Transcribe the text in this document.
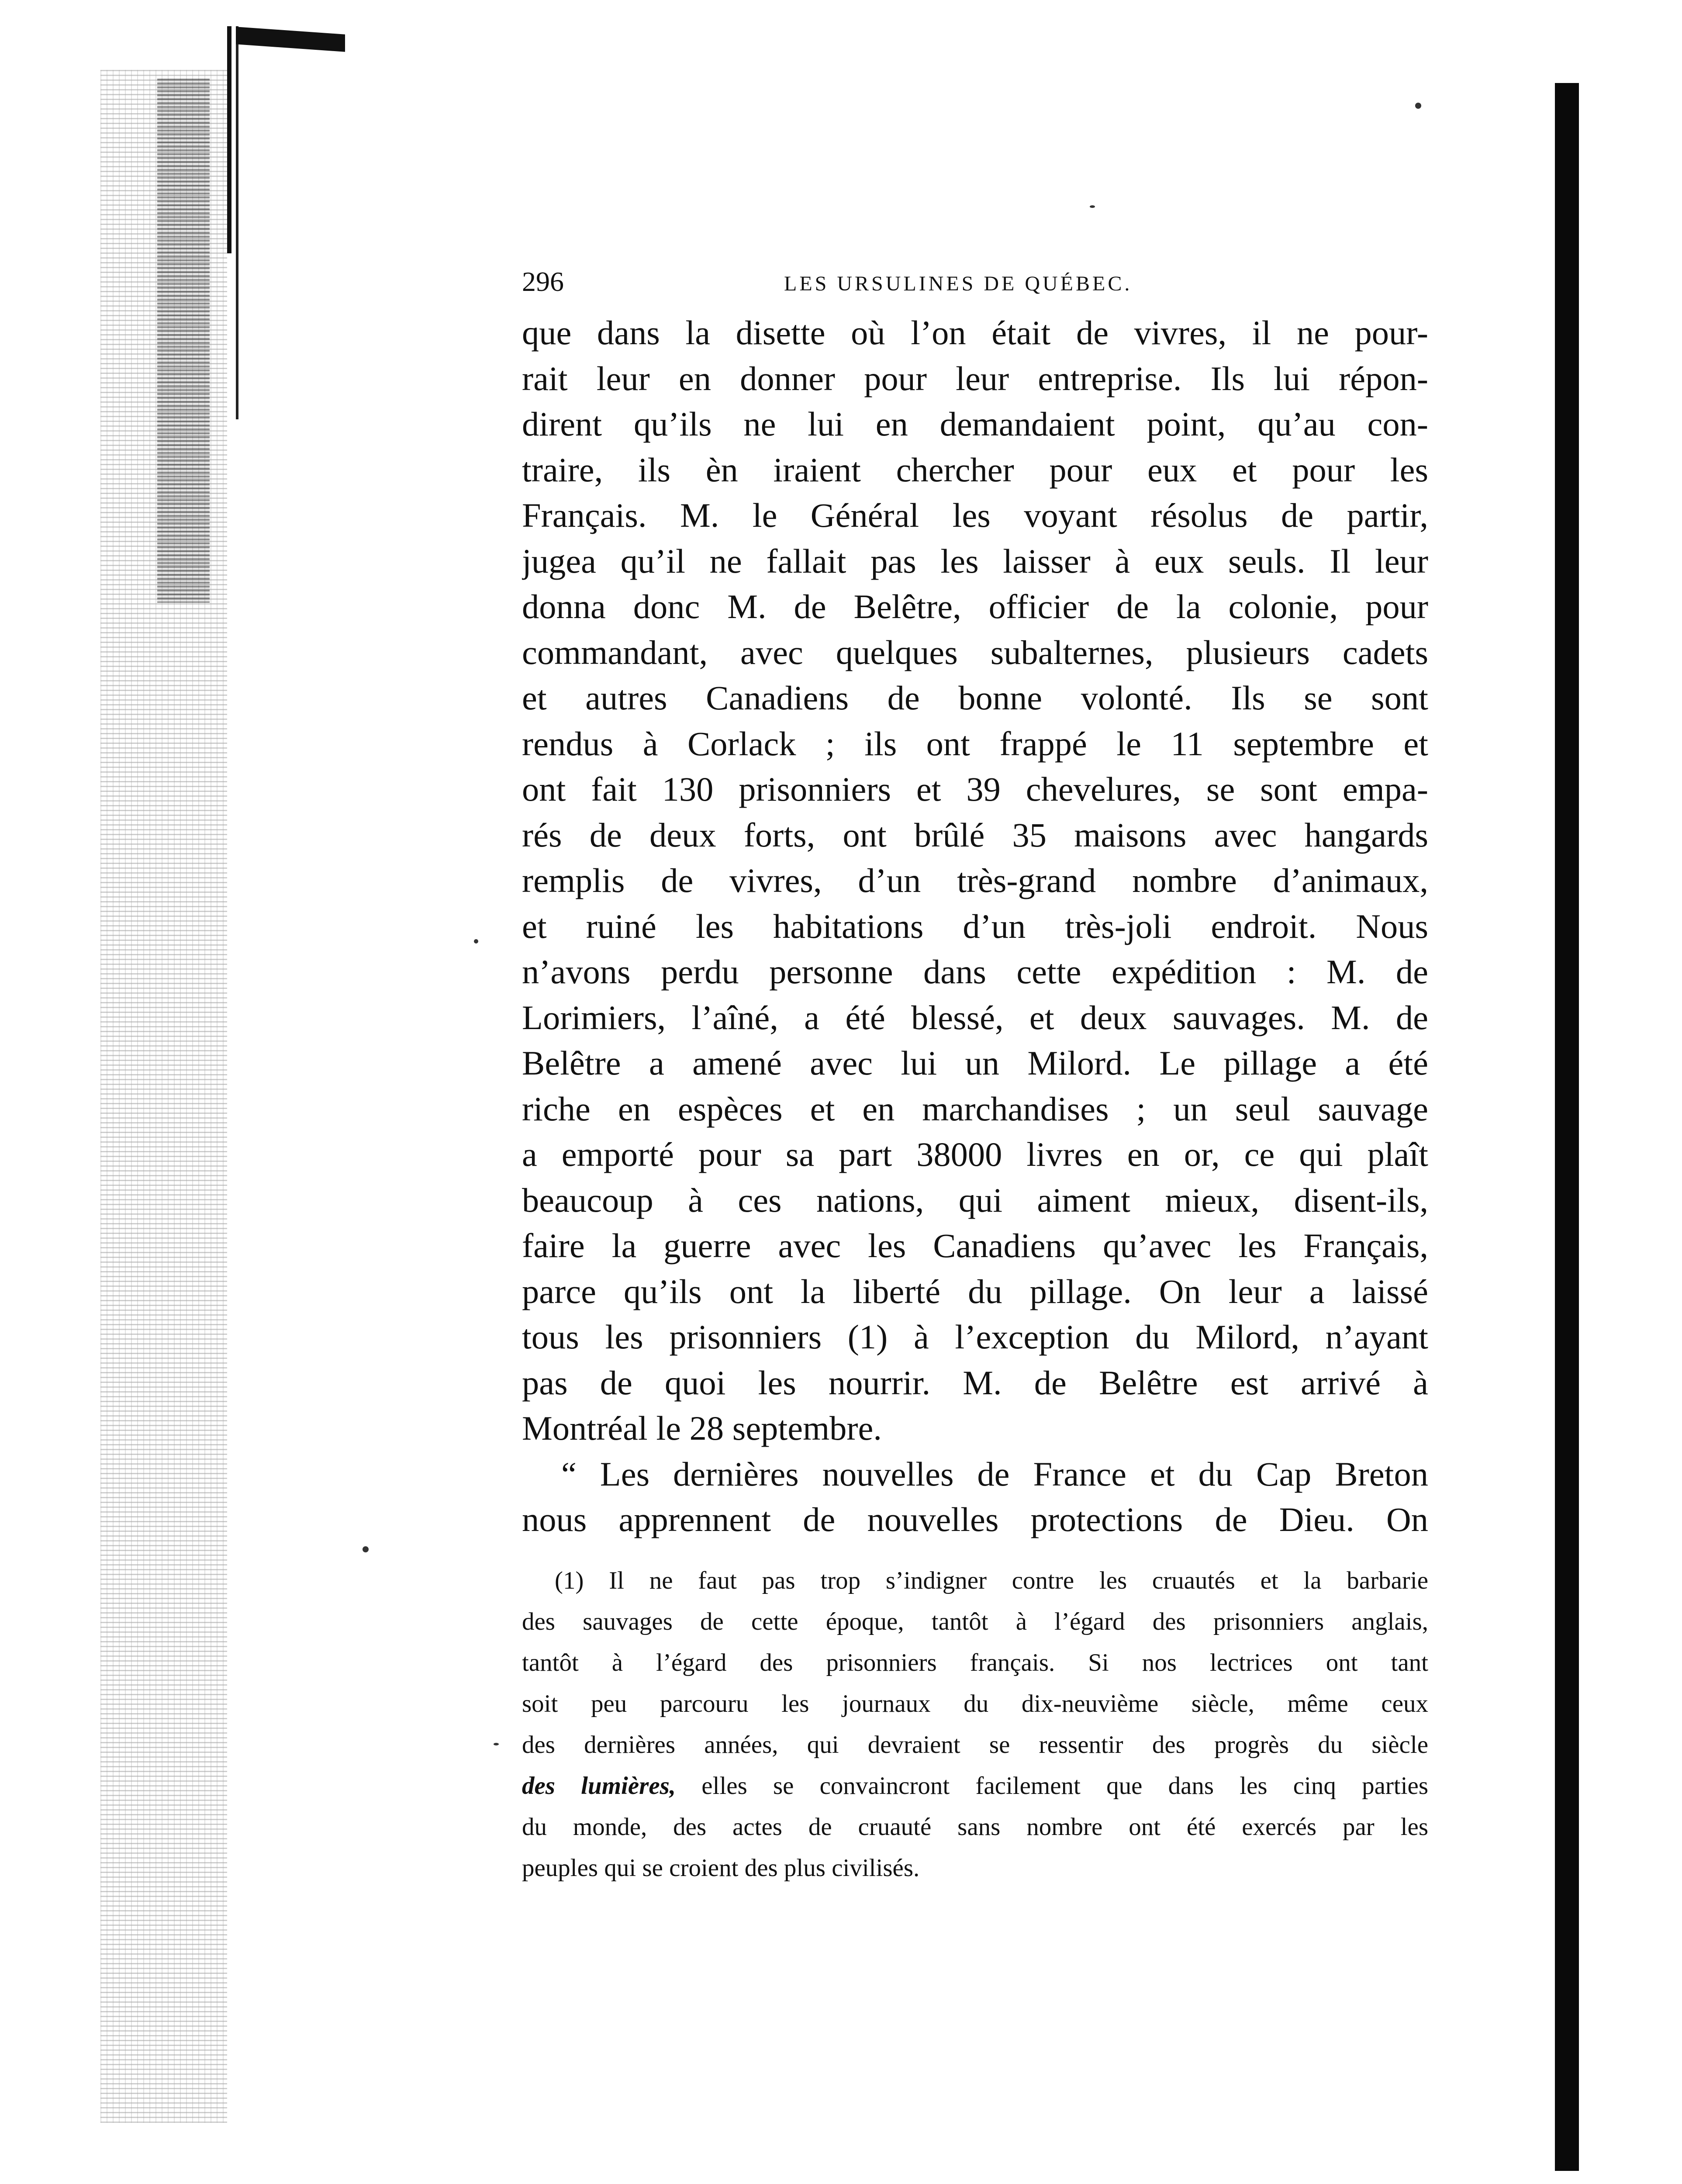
296	LES URSULINES DE QUÉBEC.
que dans la disette où l’on était de vivres, il ne pour-
rait leur en donner pour leur entreprise. Ils lui répon-
dirent qu’ils ne lui en demandaient point, qu’au con-
traire, ils èn iraient chercher pour eux et pour les
Français. M. le Général les voyant résolus de partir,
jugea qu’il ne fallait pas les laisser à eux seuls. Il leur
donna donc M. de Belêtre, officier de la colonie, pour
commandant, avec quelques subalternes, plusieurs cadets
et autres Canadiens de bonne volonté. Ils se sont
rendus à Corlack ; ils ont frappé le 11 septembre et
ont fait 130 prisonniers et 39 chevelures, se sont empa-
rés de deux forts, ont brûlé 35 maisons avec hangards
remplis de vivres, d’un très-grand nombre d’animaux,
et ruiné les habitations d’un très-joli endroit. Nous
n’avons perdu personne dans cette expédition : M. de
Lorimiers, l’aîné, a été blessé, et deux sauvages. M. de
Belêtre a amené avec lui un Milord. Le pillage a été
riche en espèces et en marchandises ; un seul sauvage
a emporté pour sa part 38000 livres en or, ce qui plaît
beaucoup à ces nations, qui aiment mieux, disent-ils,
faire la guerre avec les Canadiens qu’avec les Français,
parce qu’ils ont la liberté du pillage. On leur a laissé
tous les prisonniers (1) à l’exception du Milord, n’ayant
pas de quoi les nourrir. M. de Belêtre est arrivé à
Montréal le 28 septembre.
“ Les dernières nouvelles de France et du Cap Breton
nous apprennent de nouvelles protections de Dieu. On
(1) Il ne faut pas trop s’indigner contre les cruautés et la barbarie
des sauvages de cette époque, tantôt à l’égard des prisonniers anglais,
tantôt à l’égard des prisonniers français. Si nos lectrices ont tant
soit peu parcouru les journaux du dix-neuvième siècle, même ceux
des dernières années, qui devraient se ressentir des progrès du siècle
des lumières, elles se convaincront facilement que dans les cinq parties
du monde, des actes de cruauté sans nombre ont été exercés par les
peuples qui se croient des plus civilisés.
